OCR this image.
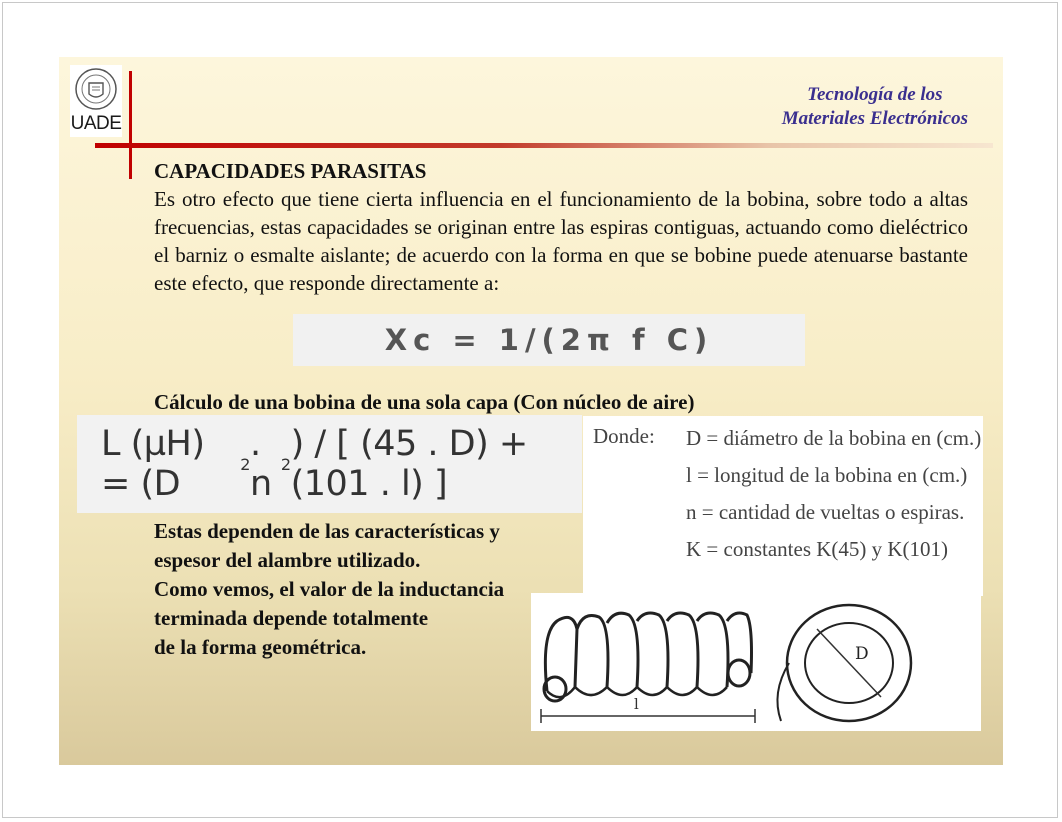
UADE
Tecnología de los
Materiales Electrónicos
CAPACIDADES PARASITAS
Es otro efecto que tiene cierta influencia en el funcionamiento de la bobina, sobre todo a altas frecuencias, estas capacidades se originan entre las espiras contiguas, actuando como dieléctrico el barniz o esmalte aislante; de acuerdo con la forma en que se bobine puede atenuarse bastante este efecto, que responde directamente a:
Xc = 1/(2π f C)
Cálculo de una bobina de una sola capa (Con núcleo de aire)
L (µH) = (D	2 . n 2 ) / [ (45 . D) + (101 . l) ]
Donde: D = diámetro de la bobina en (cm.)
l = longitud de la bobina en (cm.)
n = cantidad de vueltas o espiras.
K = constantes K(45) y K(101)
Estas dependen de las características y
espesor del alambre utilizado.
Como vemos, el valor de la inductancia
terminada depende totalmente
de la forma geométrica.
l
D
